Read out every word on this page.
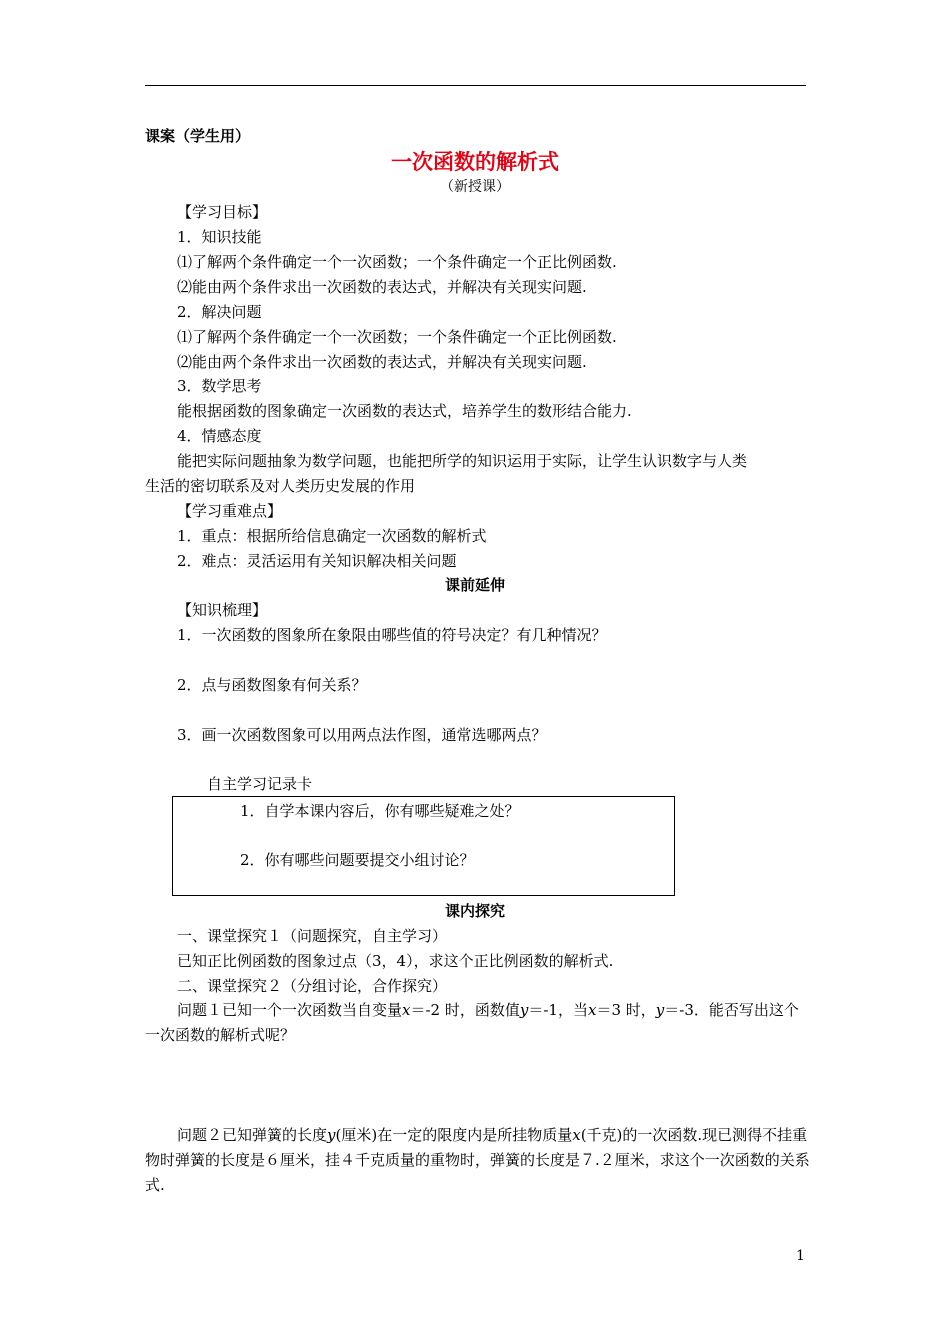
课案（学生用）
一次函数的解析式
（新授课）
【学习目标】
1．知识技能
⑴了解两个条件确定一个一次函数；一个条件确定一个正比例函数.
⑵能由两个条件求出一次函数的表达式，并解决有关现实问题.
2．解决问题
⑴了解两个条件确定一个一次函数；一个条件确定一个正比例函数.
⑵能由两个条件求出一次函数的表达式，并解决有关现实问题.
3．数学思考
能根据函数的图象确定一次函数的表达式，培养学生的数形结合能力.
4．情感态度
能把实际问题抽象为数学问题，也能把所学的知识运用于实际，让学生认识数字与人类
生活的密切联系及对人类历史发展的作用
【学习重难点】
1．重点：根据所给信息确定一次函数的解析式
2．难点：灵活运用有关知识解决相关问题
课前延伸
【知识梳理】
1．一次函数的图象所在象限由哪些值的符号决定？有几种情况？
2．点与函数图象有何关系？
3．画一次函数图象可以用两点法作图，通常选哪两点？
自主学习记录卡
1．自学本课内容后，你有哪些疑难之处？
2．你有哪些问题要提交小组讨论？
课内探究
一、课堂探究１（问题探究，自主学习）
已知正比例函数的图象过点（3，4），求这个正比例函数的解析式.
二、课堂探究２（分组讨论，合作探究）
问题１已知一个一次函数当自变量x＝-2 时，函数值y＝-1，当x＝3 时，y＝-3．能否写出这个一次函数的解析式呢？
问题２已知弹簧的长度y(厘米)在一定的限度内是所挂物质量x(千克)的一次函数.现已测得不挂重物时弹簧的长度是６厘米，挂４千克质量的重物时，弹簧的长度是７.２厘米，求这个一次函数的关系式.
1
